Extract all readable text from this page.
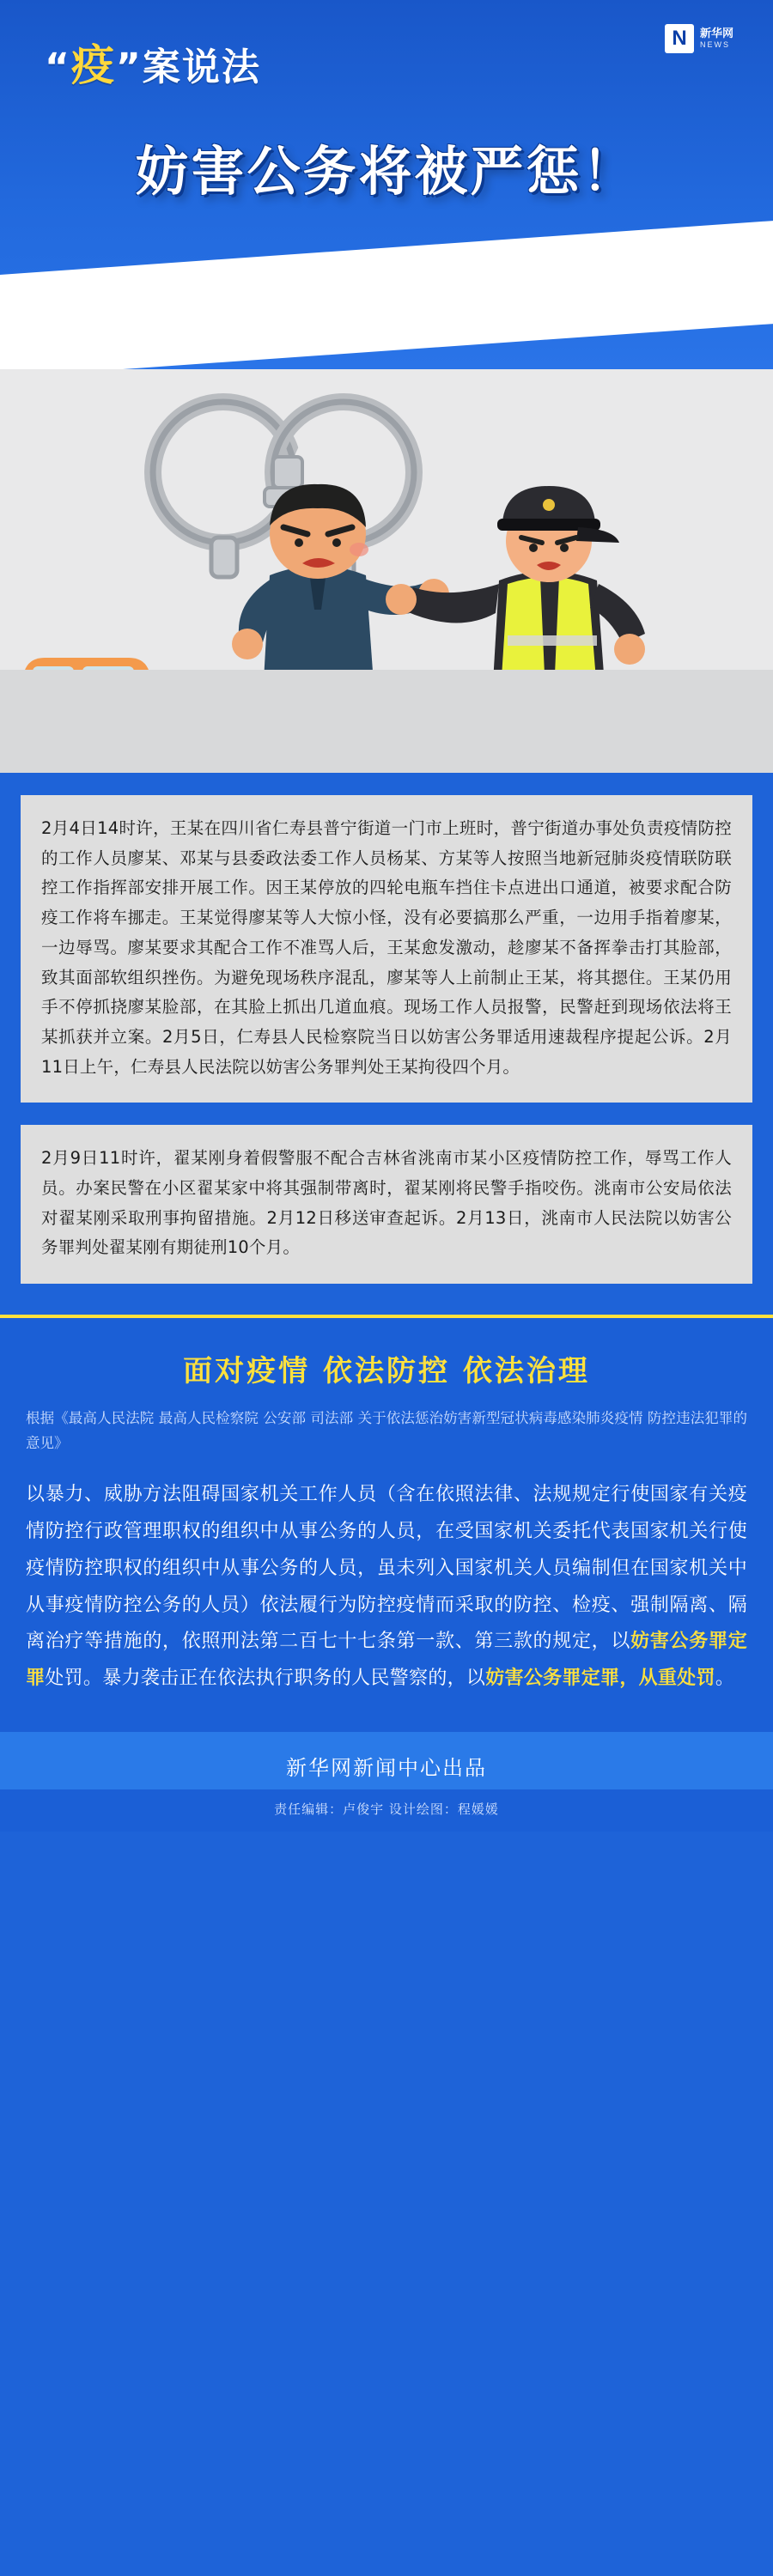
“疫”案说法
N	新华网
NEWS
妨害公务将被严惩！
2月4日14时许，王某在四川省仁寿县普宁街道一门市上班时，普宁街道办事处负责疫情防控的工作人员廖某、邓某与县委政法委工作人员杨某、方某等人按照当地新冠肺炎疫情联防联控工作指挥部安排开展工作。因王某停放的四轮电瓶车挡住卡点进出口通道，被要求配合防疫工作将车挪走。王某觉得廖某等人大惊小怪，没有必要搞那么严重，一边用手指着廖某，一边辱骂。廖某要求其配合工作不准骂人后，王某愈发激动，趁廖某不备挥拳击打其脸部，致其面部软组织挫伤。为避免现场秩序混乱，廖某等人上前制止王某，将其摁住。王某仍用手不停抓挠廖某脸部，在其脸上抓出几道血痕。现场工作人员报警，民警赶到现场依法将王某抓获并立案。2月5日，仁寿县人民检察院当日以妨害公务罪适用速裁程序提起公诉。2月11日上午，仁寿县人民法院以妨害公务罪判处王某拘役四个月。
2月9日11时许，翟某刚身着假警服不配合吉林省洮南市某小区疫情防控工作，辱骂工作人员。办案民警在小区翟某家中将其强制带离时，翟某刚将民警手指咬伤。洮南市公安局依法对翟某刚采取刑事拘留措施。2月12日移送审查起诉。2月13日，洮南市人民法院以妨害公务罪判处翟某刚有期徒刑10个月。
面对疫情 依法防控 依法治理
根据《最高人民法院 最高人民检察院 公安部 司法部 关于依法惩治妨害新型冠状病毒感染肺炎疫情 防控违法犯罪的意见》
以暴力、威胁方法阻碍国家机关工作人员（含在依照法律、法规规定行使国家有关疫情防控行政管理职权的组织中从事公务的人员，在受国家机关委托代表国家机关行使疫情防控职权的组织中从事公务的人员，虽未列入国家机关人员编制但在国家机关中从事疫情防控公务的人员）依法履行为防控疫情而采取的防控、检疫、强制隔离、隔离治疗等措施的，依照刑法第二百七十七条第一款、第三款的规定，以妨害公务罪定罪处罚。暴力袭击正在依法执行职务的人民警察的，以妨害公务罪定罪，从重处罚。
新华网新闻中心出品
责任编辑：卢俊宇 设计绘图：程媛媛
